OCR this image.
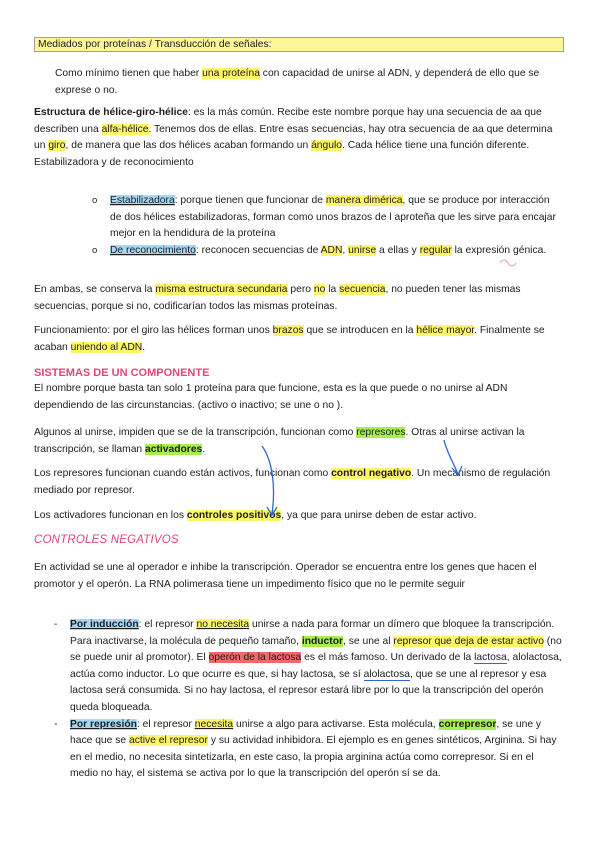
Mediados por proteínas / Transducción de señales:
Como mínimo tienen que haber una proteína con capacidad de unirse al ADN, y dependerá de ello que se exprese o no.
Estructura de hélice-giro-hélice: es la más común. Recibe este nombre porque hay una secuencia de aa que describen una alfa-hélice. Tenemos dos de ellas. Entre esas secuencias, hay otra secuencia de aa que determina un giro, de manera que las dos hélices acaban formando un ángulo. Cada hélice tiene una función diferente. Estabilizadora y de reconocimiento
o Estabilizadora: porque tienen que funcionar de manera dimérica, que se produce por interacción de dos hélices estabilizadoras, forman como unos brazos de l aproteña que les sirve para encajar mejor en la hendidura de la proteína
o De reconocimiento: reconocen secuencias de ADN, unirse a ellas y regular la expresión génica.
En ambas, se conserva la misma estructura secundaria pero no la secuencia, no pueden tener las mismas secuencias, porque si no, codificarían todos las mismas proteínas.
Funcionamiento: por el giro las hélices forman unos brazos que se introducen en la hélice mayor. Finalmente se acaban uniendo al ADN.
SISTEMAS DE UN COMPONENTE
El nombre porque basta tan solo 1 proteína para que funcione, esta es la que puede o no unirse al ADN dependiendo de las circunstancias. (activo o inactivo; se une o no ).
Algunos al unirse, impiden que se de la transcripción, funcionan como represores. Otras al unirse activan la transcripción, se llaman activadores.
Los represores funcionan cuando están activos, funcionan como control negativo. Un mecanismo de regulación mediado por represor.
Los activadores funcionan en los controles positivos, ya que para unirse deben de estar activo.
CONTROLES NEGATIVOS
En actividad se une al operador e inhibe la transcripción. Operador se encuentra entre los genes que hacen el promotor y el operón. La RNA polimerasa tiene un impedimento físico que no le permite seguir
- Por inducción: el represor no necesita unirse a nada para formar un dímero que bloquee la transcripción. Para inactivarse, la molécula de pequeño tamaño, inductor, se une al represor que deja de estar activo (no se puede unir al promotor). El operón de la lactosa es el más famoso. Un derivado de la lactosa, alolactosa, actúa como inductor. Lo que ocurre es que, si hay lactosa, se sí alolactosa, que se une al represor y esa lactosa será consumida. Si no hay lactosa, el represor estará libre por lo que la transcripción del operón queda bloqueada.
- Por represión: el represor necesita unirse a algo para activarse. Esta molécula, correpresor, se une y hace que se active el represor y su actividad inhibidora. El ejemplo es en genes sintéticos, Arginina. Si hay en el medio, no necesita sintetizarla, en este caso, la propia arginina actúa como correpresor. Si en el medio no hay, el sistema se activa por lo que la transcripción del operón sí se da.
